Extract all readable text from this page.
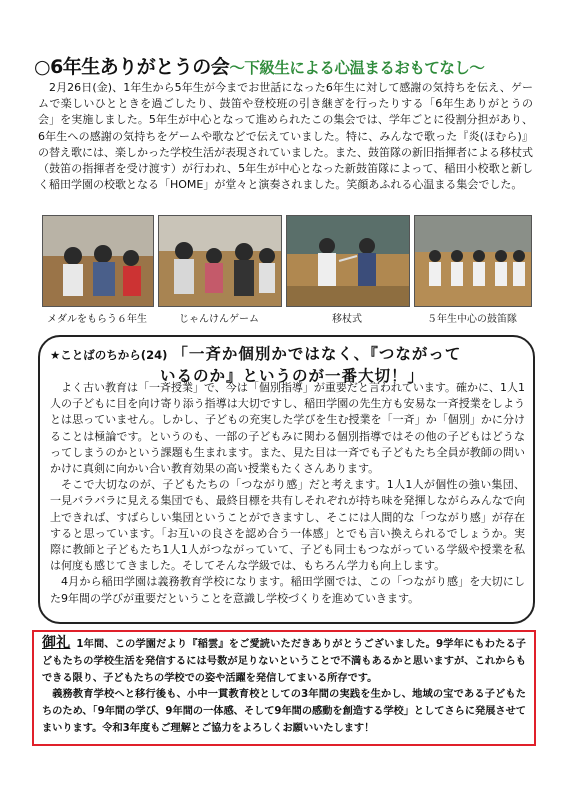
○6年生ありがとうの会～下級生による心温まるおもてなし～

2月26日(金)、1年生から5年生が今までお世話になった6年生に対して感謝の気持ちを伝え、ゲームで楽しいひとときを過ごしたり、鼓笛や登校班の引き継ぎを行ったりする「6年生ありがとうの会」を実施しました。5年生が中心となって進められたこの集会では、学年ごとに役割分担があり、6年生への感謝の気持ちをゲームや歌などで伝えていました。特に、みんなで歌った『炎(ほむら)』の替え歌には、楽しかった学校生活が表現されていました。また、鼓笛隊の新旧指揮者による移杖式（鼓笛の指揮者を受け渡す）が行われ、5年生が中心となった新鼓笛隊によって、稲田小校歌と新しく稲田学園の校歌となる「HOME」が堂々と演奏されました。笑顔あふれる心温まる集会でした。

メダルをもらう６年生	じゃんけんゲーム	移杖式	５年生中心の鼓笛隊
★ことばのちから(24) 「一斉か個別かではなく、『つながって
いるのか』というのが一番大切！」

よく古い教育は「一斉授業」で、今は「個別指導」が重要だと言われています。確かに、1人1人の子どもに目を向け寄り添う指導は大切ですし、稲田学園の先生方も安易な一斉授業をしようとは思っていません。しかし、子どもの充実した学びを生む授業を「一斉」か「個別」かに分けることは極論です。というのも、一部の子どもみに関わる個別指導ではその他の子どもはどうなってしまうのかという課題も生まれます。また、見た目は一斉でも子どもたち全員が教師の問いかけに真剣に向かい合い教育効果の高い授業もたくさんあります。

そこで大切なのが、子どもたちの「つながり感」だと考えます。1人1人が個性の強い集団、一見バラバラに見える集団でも、最終目標を共有しそれぞれが持ち味を発揮しながらみんなで向上できれば、すばらしい集団ということができますし、そこには人間的な「つながり感」が存在すると思っています。「お互いの良さを認め合う一体感」とでも言い換えられるでしょうか。実際に教師と子どもたち1人1人がつながっていて、子ども同士もつながっている学級や授業を私は何度も感じてきました。そしてそんな学級では、もちろん学力も向上します。

4月から稲田学園は義務教育学校になります。稲田学園では、この「つながり感」を大切にした9年間の学びが重要だということを意識し学校づくりを進めていきます。

御礼 1年間、この学園だより『稲雲』をご愛読いただきありがとうございました。9学年にもわたる子どもたちの学校生活を発信するには号数が足りないということで不満もあるかと思いますが、これからもできる限り、子どもたちの学校での姿や活躍を発信してまいる所存です。

義務教育学校へと移行後も、小中一貫教育校としての3年間の実践を生かし、地域の宝である子どもたちのため、「9年間の学び、9年間の一体感、そして9年間の感動を創造する学校」としてさらに発展させてまいります。令和3年度もご理解とご協力をよろしくお願いいたします！
